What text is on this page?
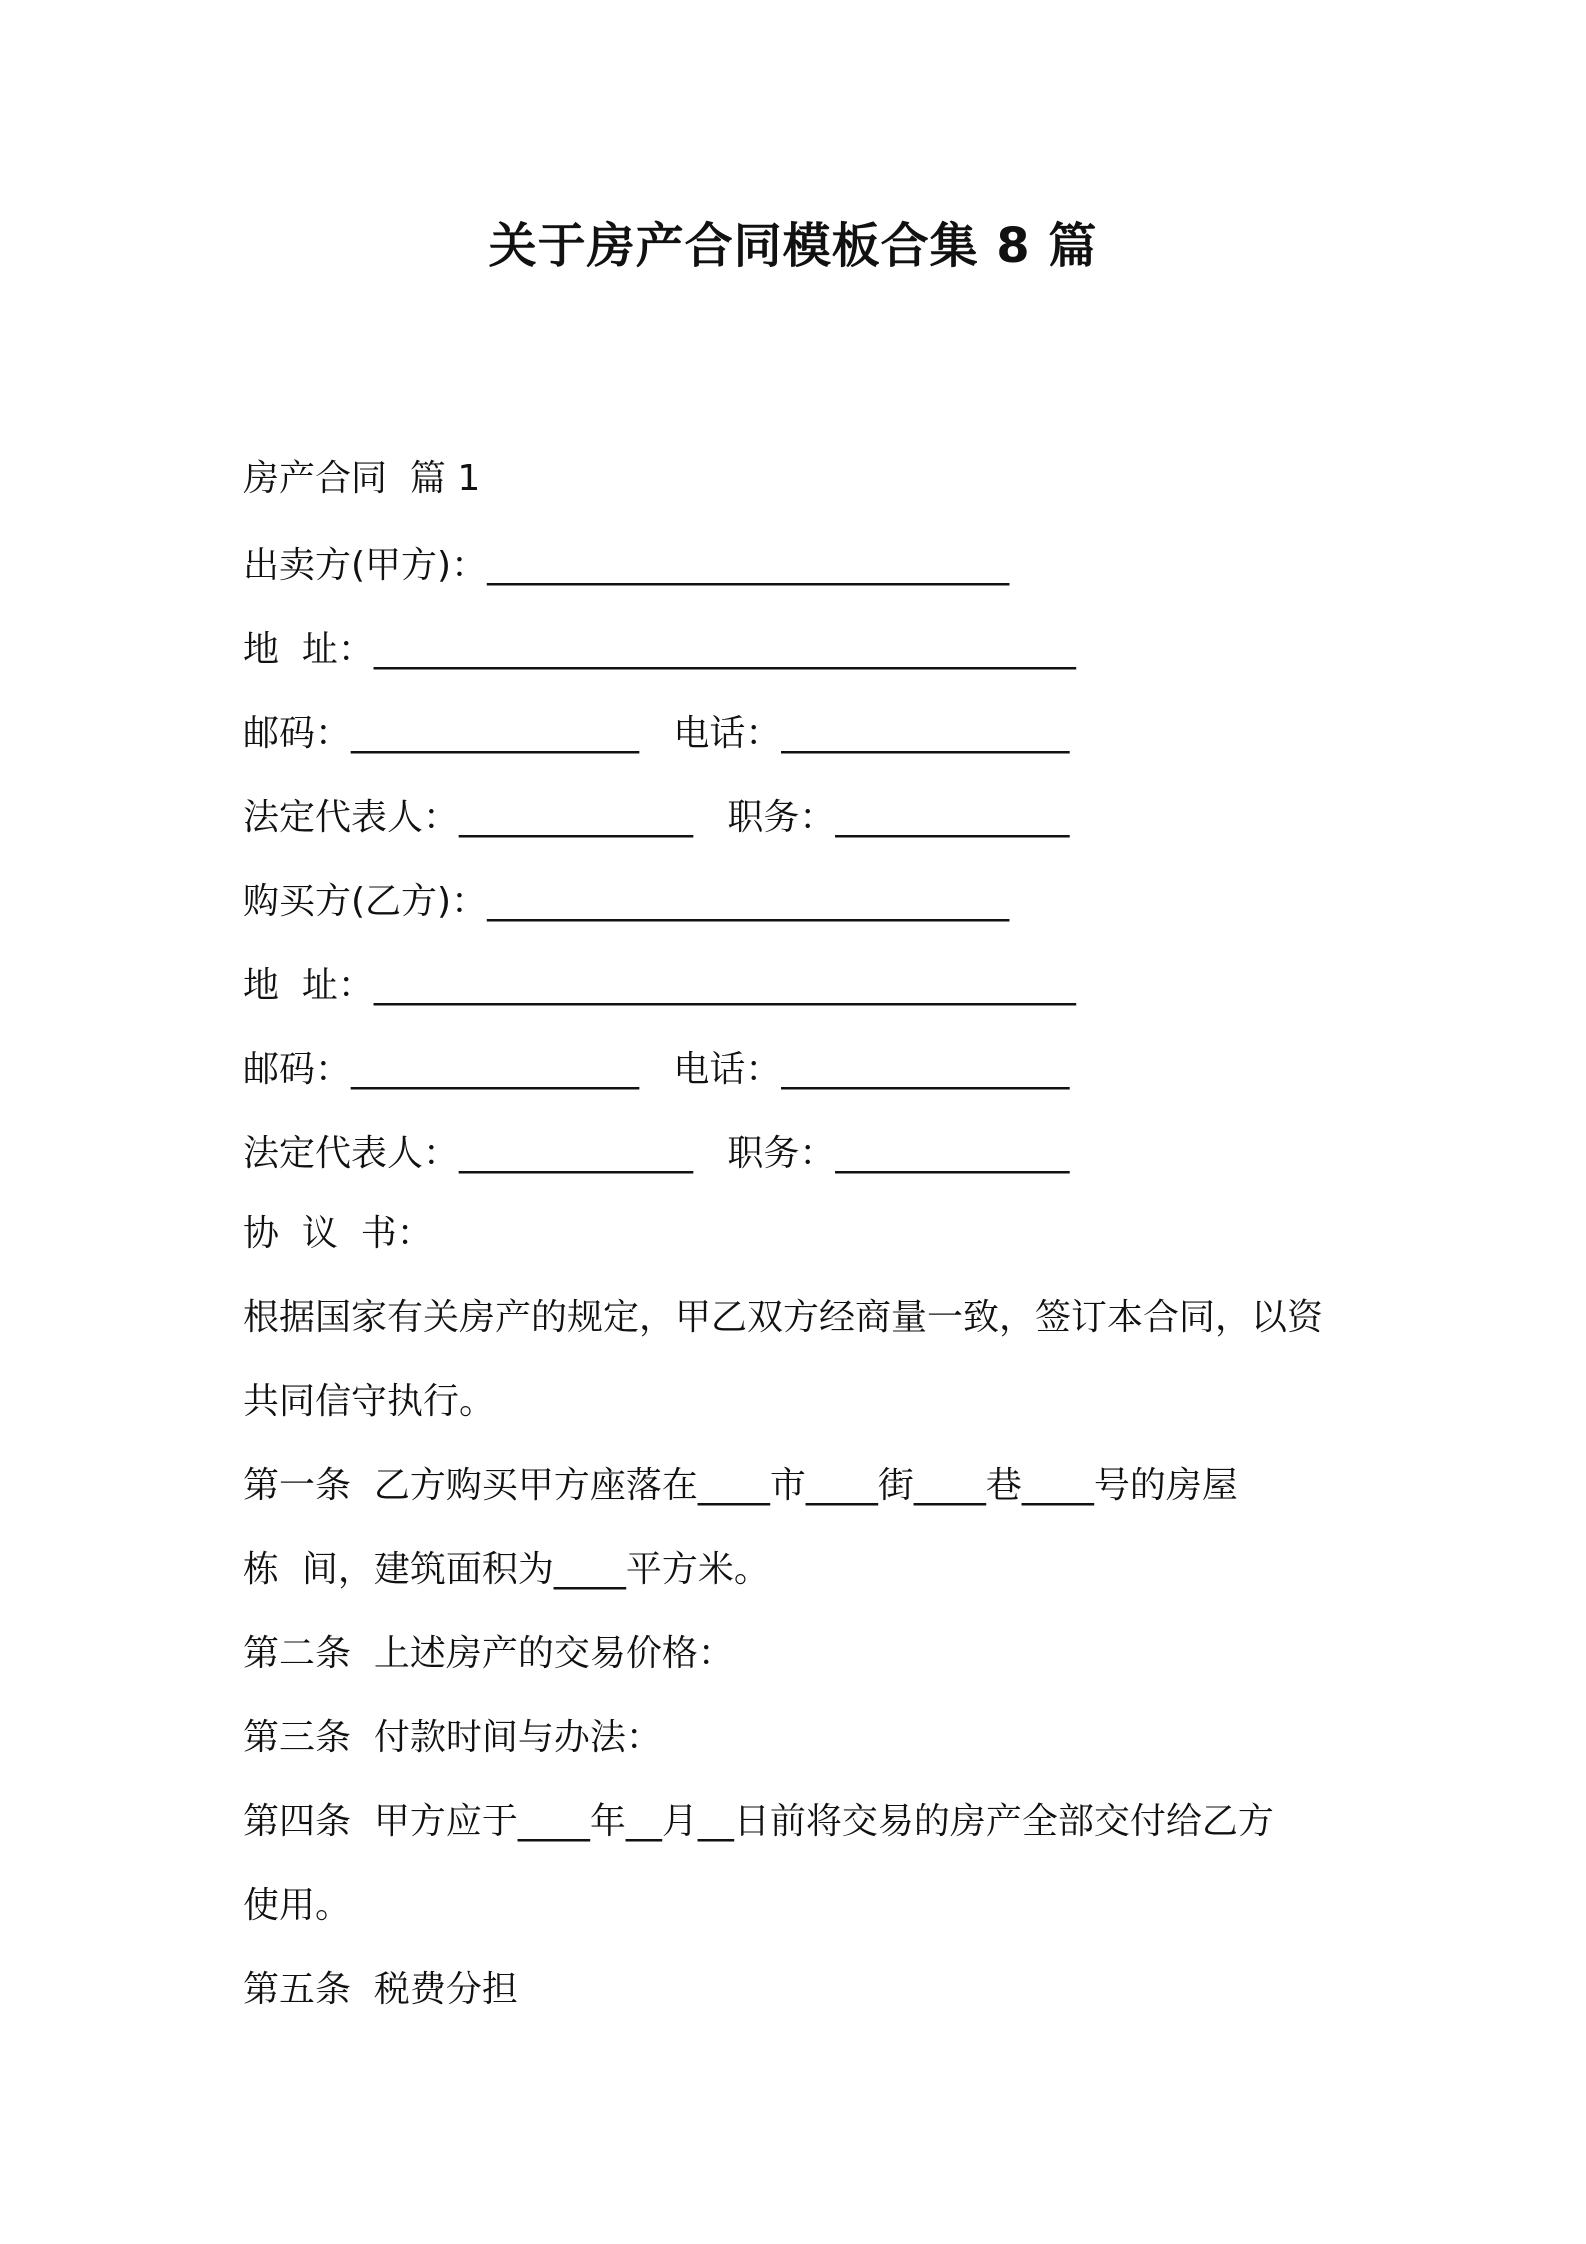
关于房产合同模板合集 8 篇
房产合同  篇 1
出卖方(甲方)：_____________________________
地  址：_______________________________________
邮码：________________   电话：________________
法定代表人：_____________   职务：_____________
购买方(乙方)：_____________________________
地  址：_______________________________________
邮码：________________   电话：________________
法定代表人：_____________   职务：_____________
协  议  书：
根据国家有关房产的规定，甲乙双方经商量一致，签订本合同，以资
共同信守执行。
第一条  乙方购买甲方座落在____市____街____巷____号的房屋
栋  间，建筑面积为____平方米。
第二条  上述房产的交易价格：
第三条  付款时间与办法：
第四条  甲方应于____年__月__日前将交易的房产全部交付给乙方
使用。
第五条  税费分担
